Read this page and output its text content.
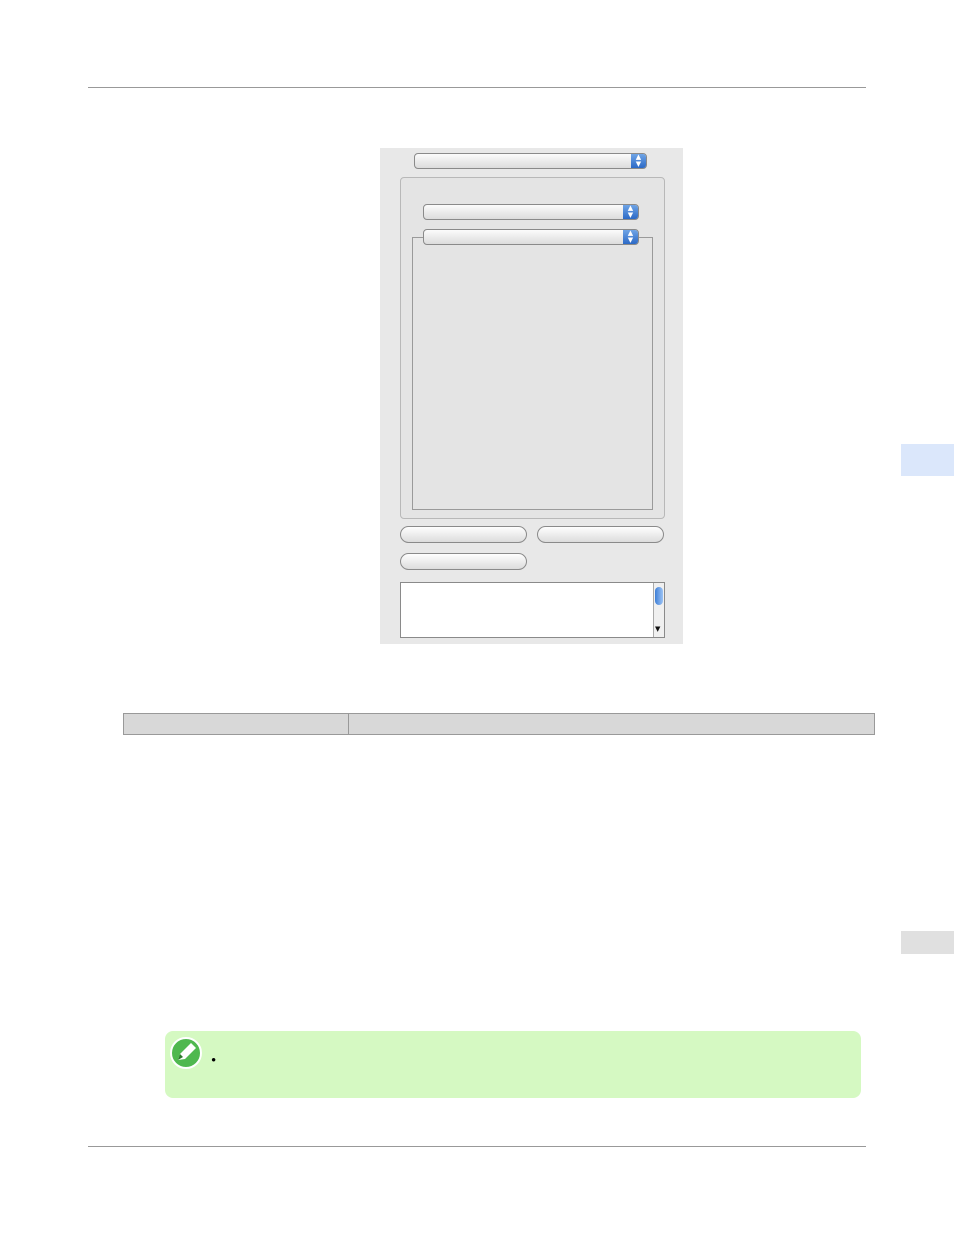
▲
▼
▲
▼
▲
▼
▼

•
